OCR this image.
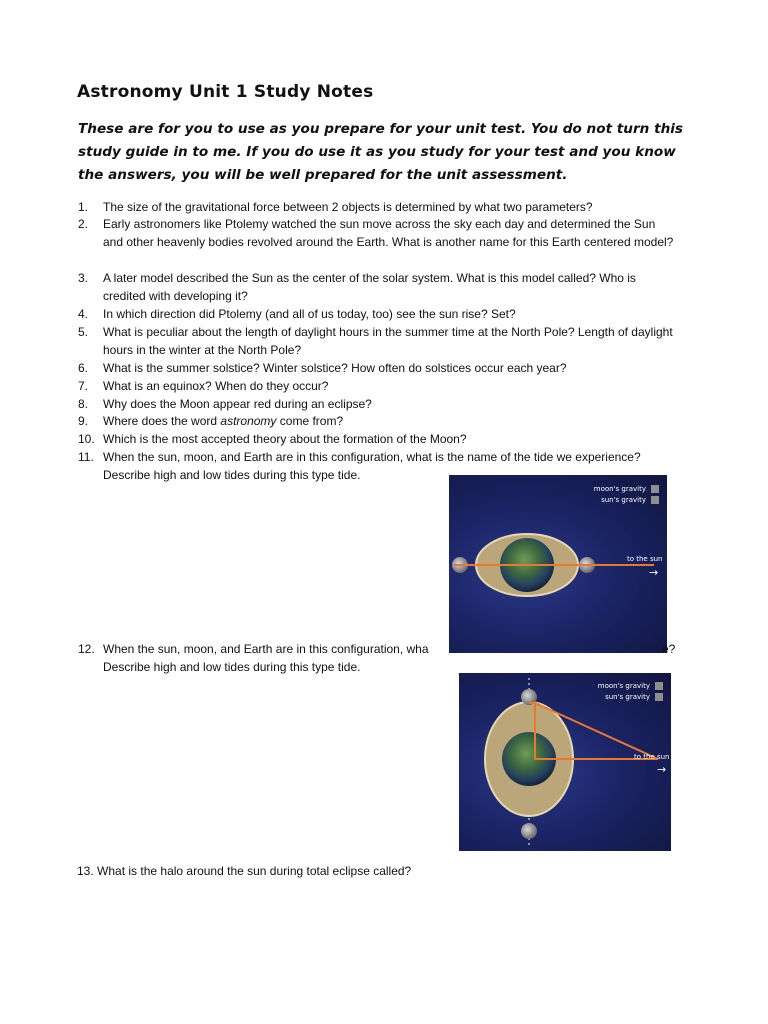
Astronomy Unit 1 Study Notes
These are for you to use as you prepare for your unit test. You do not turn this study guide in to me. If you do use it as you study for your test and you know the answers, you will be well prepared for the unit assessment.
1. The size of the gravitational force between 2 objects is determined by what two parameters?
2. Early astronomers like Ptolemy watched the sun move across the sky each day and determined the Sun and other heavenly bodies revolved around the Earth. What is another name for this Earth centered model?
3. A later model described the Sun as the center of the solar system. What is this model called? Who is credited with developing it?
4. In which direction did Ptolemy (and all of us today, too) see the sun rise? Set?
5. What is peculiar about the length of daylight hours in the summer time at the North Pole? Length of daylight hours in the winter at the North Pole?
6. What is the summer solstice? Winter solstice? How often do solstices occur each year?
7. What is an equinox? When do they occur?
8. Why does the Moon appear red during an eclipse?
9. Where does the word astronomy come from?
10. Which is the most accepted theory about the formation of the Moon?
11. When the sun, moon, and Earth are in this configuration, what is the name of the tide we experience? Describe high and low tides during this type tide.
moon's gravity
sun's gravity
to the sun
→
12. When the sun, moon, and Earth are in this configuration, wha	e?
Describe high and low tides during this type tide.
moon's gravity
sun's gravity
to the sun
→
13. What is the halo around the sun during total eclipse called?
